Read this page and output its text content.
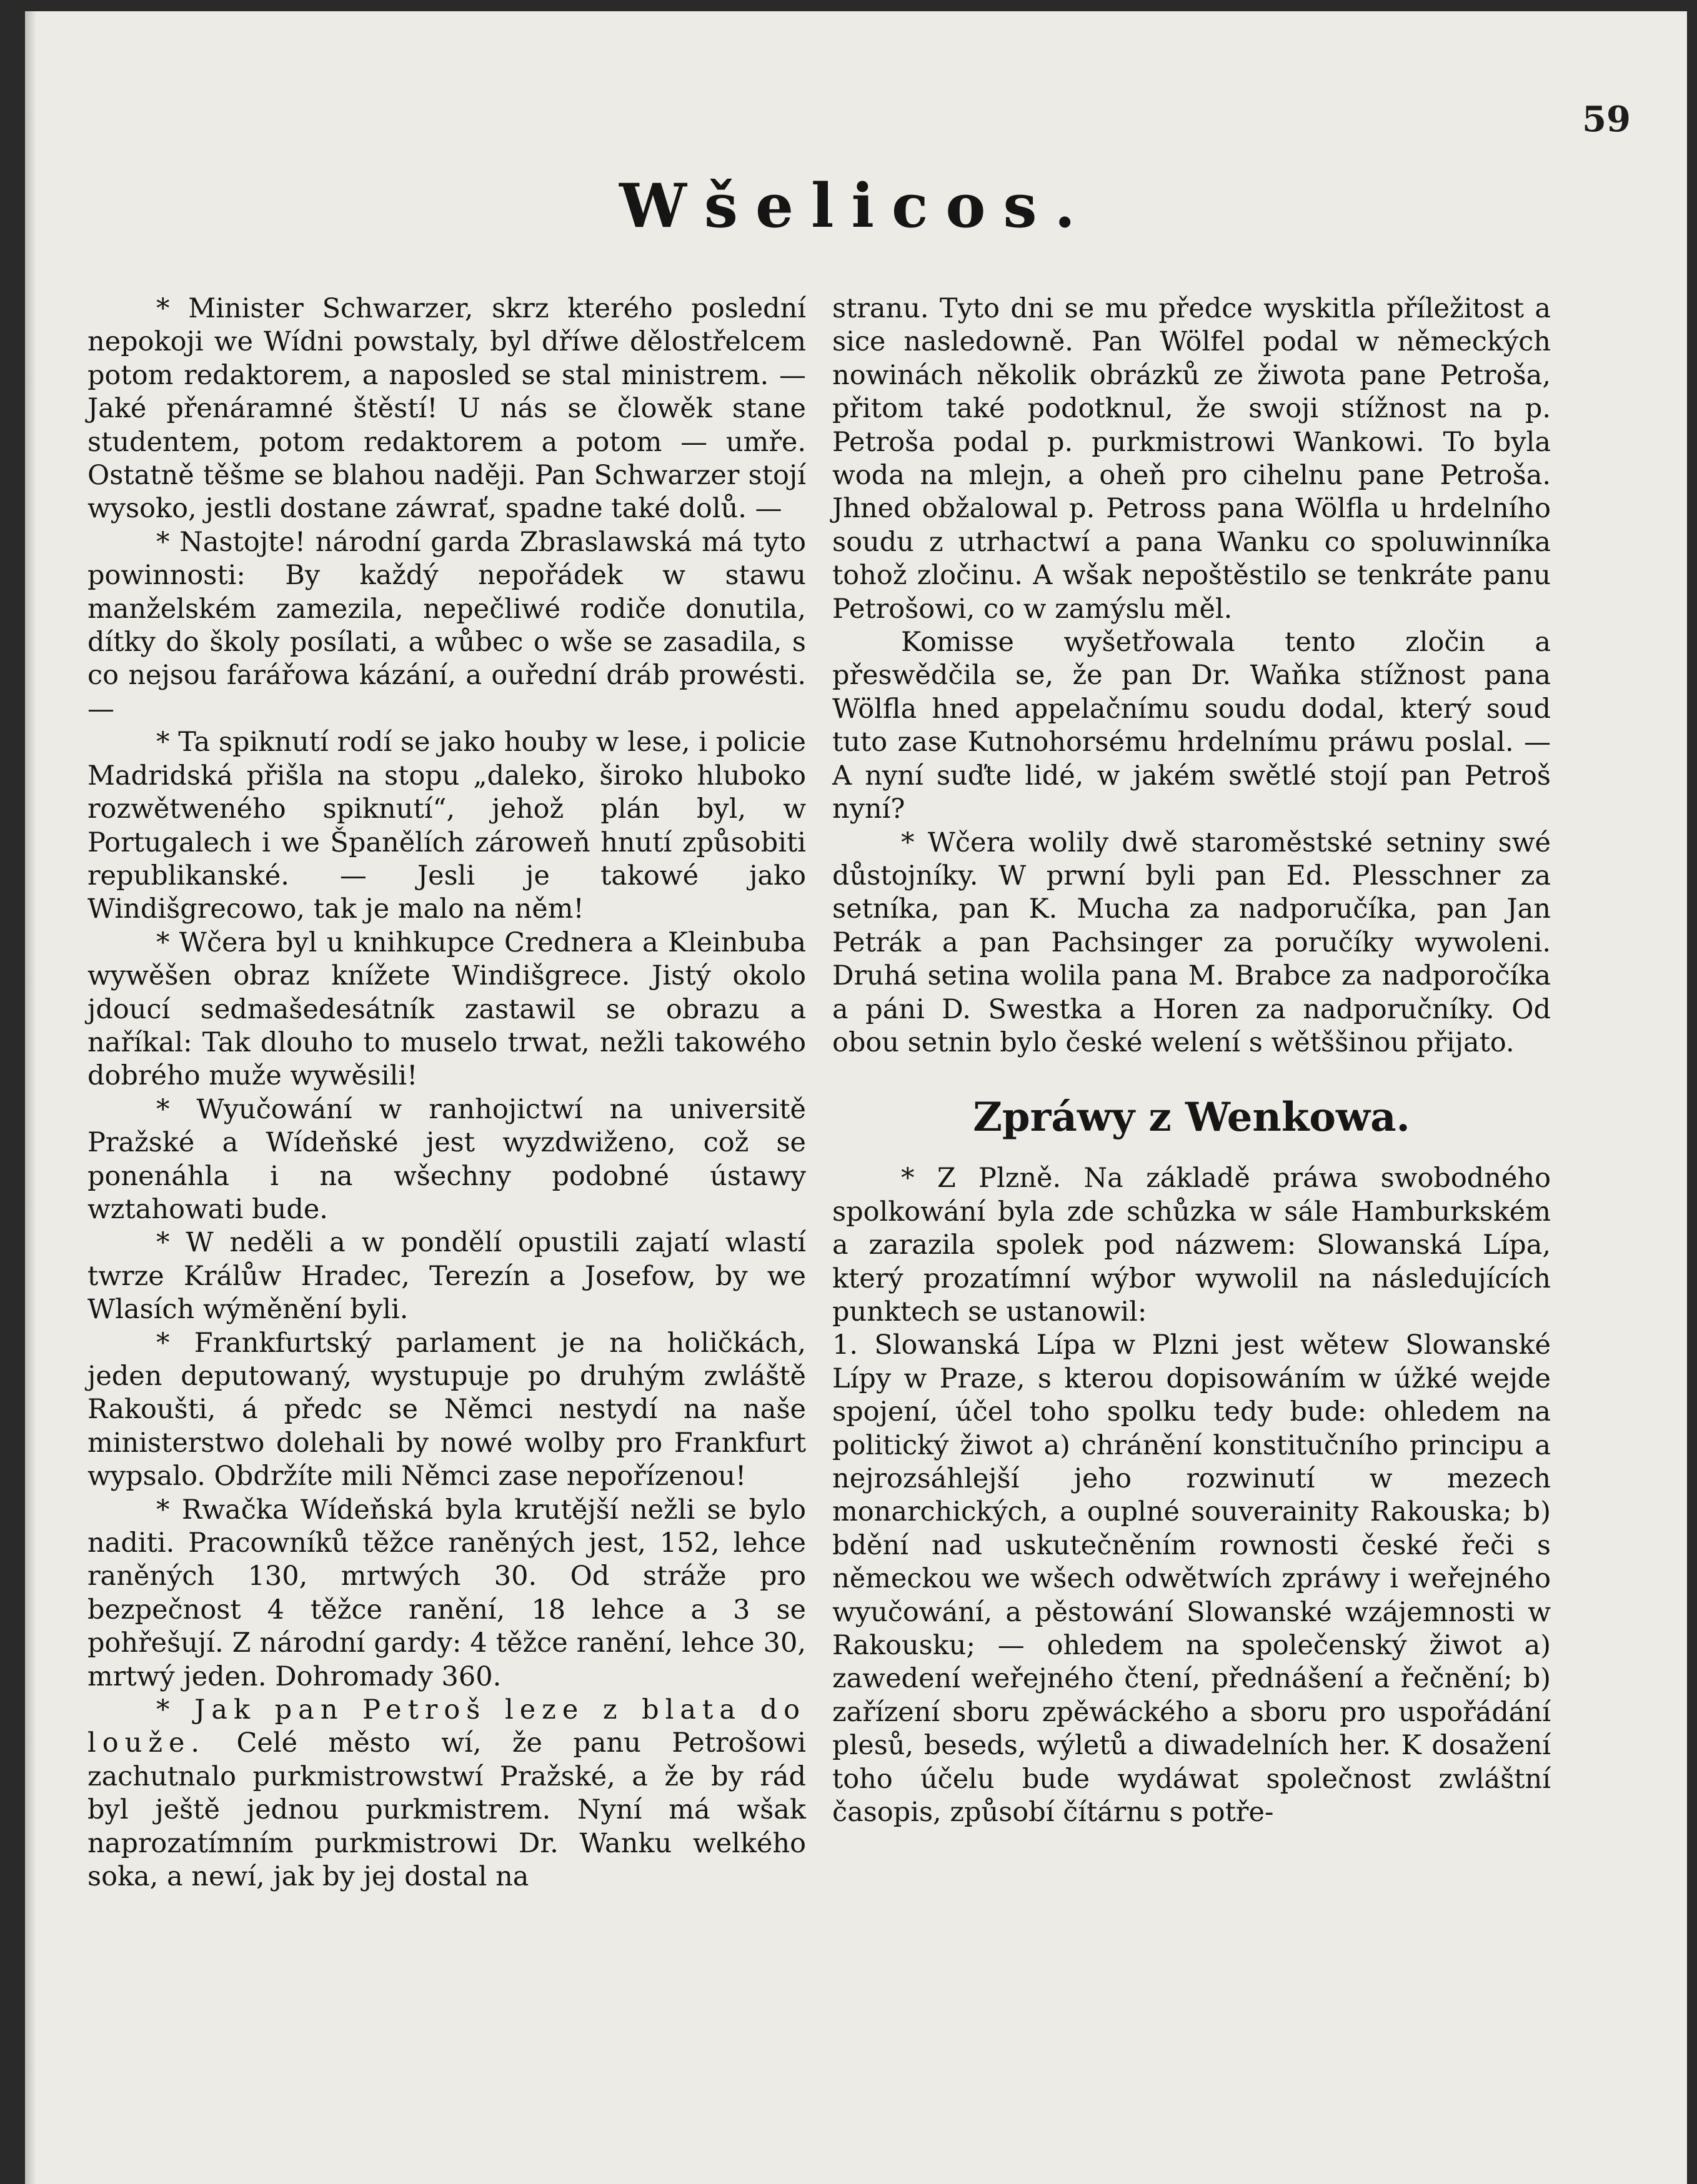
59
Wšelicos.

* Minister Schwarzer, skrz kterého poslední nepokoji we Wídni powstaly, byl dříwe dělostřelcem potom redaktorem, a naposled se stal ministrem. — Jaké přenáramné štěstí! U nás se člowěk stane studentem, potom redaktorem a potom — umře. Ostatně těšme se blahou naději. Pan Schwarzer stojí wysoko, jestli dostane záwrať, spadne také dolů. —

* Nastojte! národní garda Zbraslawská má tyto powinnosti: By každý nepořádek w stawu manželském zamezila, nepečliwé rodiče donutila, dítky do školy posílati, a wůbec o wše se zasadila, s co nejsou farářowa kázání, a ouřední dráb prowésti. —

* Ta spiknutí rodí se jako houby w lese, i policie Madridská přišla na stopu „daleko, široko hluboko rozwětweného spiknutí“, jehož plán byl, w Portugalech i we Španělích zároweň hnutí způsobiti republikanské. — Jesli je takowé jako Windišgrecowo, tak je malo na něm!

* Wčera byl u knihkupce Crednera a Kleinbuba wywěšen obraz knížete Windišgrece. Jistý okolo jdoucí sedmašedesátník zastawil se obrazu a naříkal: Tak dlouho to muselo trwat, nežli takowého dobrého muže wywěsili!

* Wyučowání w ranhojictwí na universitě Pražské a Wídeňské jest wyzdwiženo, což se ponenáhla i na wšechny podobné ústawy wztahowati bude.

* W neděli a w pondělí opustili zajatí wlastí twrze Králůw Hradec, Terezín a Josefow, by we Wlasích wýměnění byli.

* Frankfurtský parlament je na holičkách, jeden deputowaný, wystupuje po druhým zwláště Rakoušti, á předc se Němci nestydí na naše ministerstwo dolehali by nowé wolby pro Frankfurt wypsalo. Obdržíte mili Němci zase nepořízenou!

* Rwačka Wídeňská byla krutější nežli se bylo naditi. Pracowníků těžce raněných jest, 152, lehce raněných 130, mrtwých 30. Od stráže pro bezpečnost 4 těžce ranění, 18 lehce a 3 se pohřešují. Z národní gardy: 4 těžce ranění, lehce 30, mrtwý jeden. Dohromady 360.

* Jak pan Petroš leze z blata do louže. Celé město wí, že panu Petrošowi zachutnalo purkmistrowstwí Pražské, a že by rád byl ještě jednou purkmistrem. Nyní má wšak naprozatímním purkmistrowi Dr. Wanku welkého soka, a newí, jak by jej dostal na

stranu. Tyto dni se mu předce wyskitla příležitost a sice nasledowně. Pan Wölfel podal w německých nowinách několik obrázků ze žiwota pane Petroša, přitom také podotknul, že swoji stížnost na p. Petroša podal p. purkmistrowi Wankowi. To byla woda na mlejn, a oheň pro cihelnu pane Petroša. Jhned obžalowal p. Petross pana Wölfla u hrdelního soudu z utrhactwí a pana Wanku co spoluwinníka tohož zločinu. A wšak nepoštěstilo se tenkráte panu Petrošowi, co w zamýslu měl.

Komisse wyšetřowala tento zločin a přeswědčila se, že pan Dr. Waňka stížnost pana Wölfla hned appelačnímu soudu dodal, který soud tuto zase Kutnohorsému hrdelnímu práwu poslal. — A nyní suďte lidé, w jakém swětlé stojí pan Petroš nyní?

* Wčera wolily dwě staroměstské setniny swé důstojníky. W prwní byli pan Ed. Plesschner za setníka, pan K. Mucha za nadporučíka, pan Jan Petrák a pan Pachsinger za poručíky wywoleni. Druhá setina wolila pana M. Brabce za nadporočíka a páni D. Swestka a Horen za nadporučníky. Od obou setnin bylo české welení s wětššinou přijato.

Zpráwy z Wenkowa.

* Z Plzně. Na základě práwa swobodného spolkowání byla zde schůzka w sále Hamburkském a zarazila spolek pod názwem: Slowanská Lípa, který prozatímní wýbor wywolil na následujících punktech se ustanowil:

1. Slowanská Lípa w Plzni jest wětew Slowanské Lípy w Praze, s kterou dopisowáním w úžké wejde spojení, účel toho spolku tedy bude: ohledem na politický žiwot a) chránění konstitučního principu a nejrozsáhlejší jeho rozwinutí w mezech monarchických, a ouplné souverainity Rakouska; b) bdění nad uskutečněním rownosti české řeči s německou we wšech odwětwích zpráwy i weřejného wyučowání, a pěstowání Slowanské wzájemnosti w Rakousku; — ohledem na společenský žiwot a) zawedení weřejného čtení, přednášení a řečnění; b) zařízení sboru zpěwáckého a sboru pro uspořádání plesů, beseds, wýletů a diwadelních her. K dosažení toho účelu bude wydáwat společnost zwláštní časopis, způsobí čítárnu s potře-
